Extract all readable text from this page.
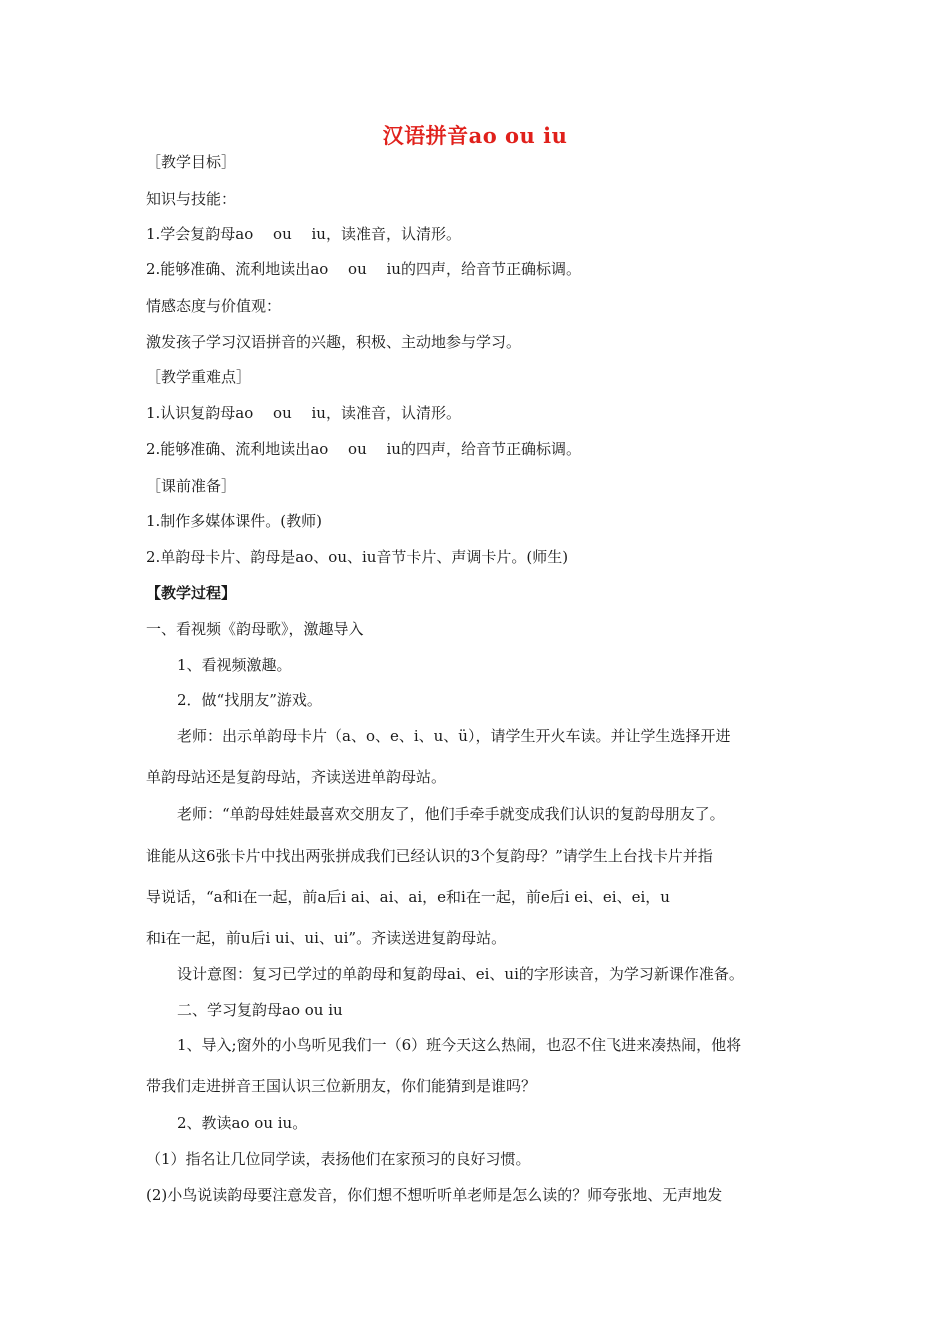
汉语拼音ao ou iu
［教学目标］
知识与技能：
1.学会复韵母ao　 ou　 iu，读准音，认清形。
2.能够准确、流利地读出ao　 ou　 iu的四声，给音节正确标调。
情感态度与价值观：
激发孩子学习汉语拼音的兴趣，积极、主动地参与学习。
［教学重难点］
1.认识复韵母ao　 ou　 iu，读准音，认清形。
2.能够准确、流利地读出ao　 ou　 iu的四声，给音节正确标调。
［课前准备］
1.制作多媒体课件。(教师)
2.单韵母卡片、韵母是ao、ou、iu音节卡片、声调卡片。(师生)
【教学过程】
一、看视频《韵母歌》，激趣导入
1、看视频激趣。
2．做“找朋友”游戏。
老师：出示单韵母卡片（a、o、e、i、u、ü），请学生开火车读。并让学生选择开进
单韵母站还是复韵母站，齐读送进单韵母站。
老师：“单韵母娃娃最喜欢交朋友了，他们手牵手就变成我们认识的复韵母朋友了。
谁能从这6张卡片中找出两张拼成我们已经认识的3个复韵母？”请学生上台找卡片并指
导说话，“a和i在一起，前a后i ai、ai、ai，e和i在一起，前e后i ei、ei、ei，u
和i在一起，前u后i ui、ui、ui”。齐读送进复韵母站。
设计意图：复习已学过的单韵母和复韵母ai、ei、ui的字形读音，为学习新课作准备。
二、学习复韵母ao ou iu
1、导入;窗外的小鸟听见我们一（6）班今天这么热闹，也忍不住飞进来凑热闹，他将
带我们走进拼音王国认识三位新朋友，你们能猜到是谁吗？
2、教读ao ou iu。
（1）指名让几位同学读，表扬他们在家预习的良好习惯。
(2)小鸟说读韵母要注意发音，你们想不想听听单老师是怎么读的？师夸张地、无声地发
